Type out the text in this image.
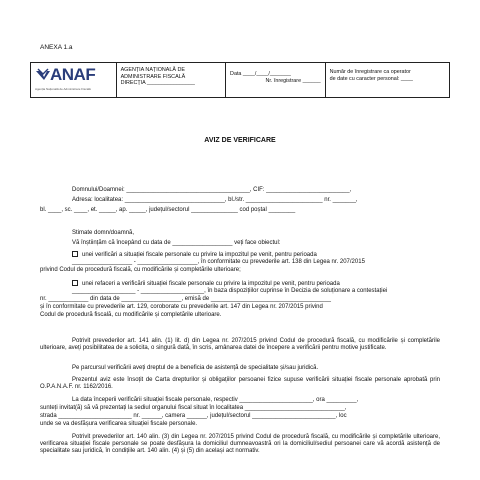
ANEXA 1.a
ANAF
Agenția Națională de Administrare Fiscală
AGENȚIA NAȚIONALĂ DE
ADMINISTRARE FISCALĂ
DIRECȚIA ________________
Data ____/____/_______
Nr. înregistrare ______
Număr de înregistrare ca operator
de date cu caracter personal: ____
AVIZ DE VERIFICARE
Domnului/Doamnei: _____________________________________, CIF: _________________________,
Adresa: localitatea: ______________________________, bl./str. _______________________ nr. _______,
bl. ____, sc. ____, et. _____, ap. _____, județul/sectorul ______________ cod poștal ________
Stimate domn/doamnă,
Vă înștiințăm că începând cu data de __________________ veți face obiectul:
unei verificări a situației fiscale personale cu privire la impozitul pe venit, pentru perioada
__________________ - __________________, în conformitate cu prevederile art. 138 din Legea nr. 207/2015
privind Codul de procedură fiscală, cu modificările și completările ulterioare;
unei refaceri a verificării situației fiscale personale cu privire la impozitul pe venit, pentru perioada
___________________ - ___________________, în baza dispozițiilor cuprinse în Decizia de soluționare a contestației
nr. ____________ din data de __________________, emisă de ____________________________________
și în conformitate cu prevederile art. 129, coroborate cu prevederile art. 147 din Legea nr. 207/2015 privind
Codul de procedură fiscală, cu modificările și completările ulterioare.
Potrivit prevederilor art. 141 alin. (1) lit. d) din Legea nr. 207/2015 privind Codul de procedură fiscală, cu modificările și completările ulterioare, aveți posibilitatea de a solicita, o singură dată, în scris, amânarea datei de începere a verificării pentru motive justificate.
Pe parcursul verificării aveți dreptul de a beneficia de asistență de specialitate și/sau juridică.
Prezentul aviz este însoțit de Carta drepturilor și obligațiilor persoanei fizice supuse verificării situației fiscale personale aprobată prin O.P.A.N.A.F. nr. 1162/2016.
La data începerii verificării situației fiscale personale, respectiv ______________________, ora _________,
sunteți invitat(ă) să vă prezentați la sediul organului fiscal situat în localitatea ______________________________,
strada ______________________ nr. ______, camera ______, județul/sectorul _________________________, loc
unde se va desfășura verificarea situației fiscale personale.
Potrivit prevederilor art. 140 alin. (3) din Legea nr. 207/2015 privind Codul de procedură fiscală, cu modificările și completările ulterioare, verificarea situației fiscale personale se poate desfășura la domiciliul dumneavoastră ori la domiciliul/sediul persoanei care vă acordă asistență de specialitate sau juridică, în condițiile art. 140 alin. (4) și (5) din același act normativ.
